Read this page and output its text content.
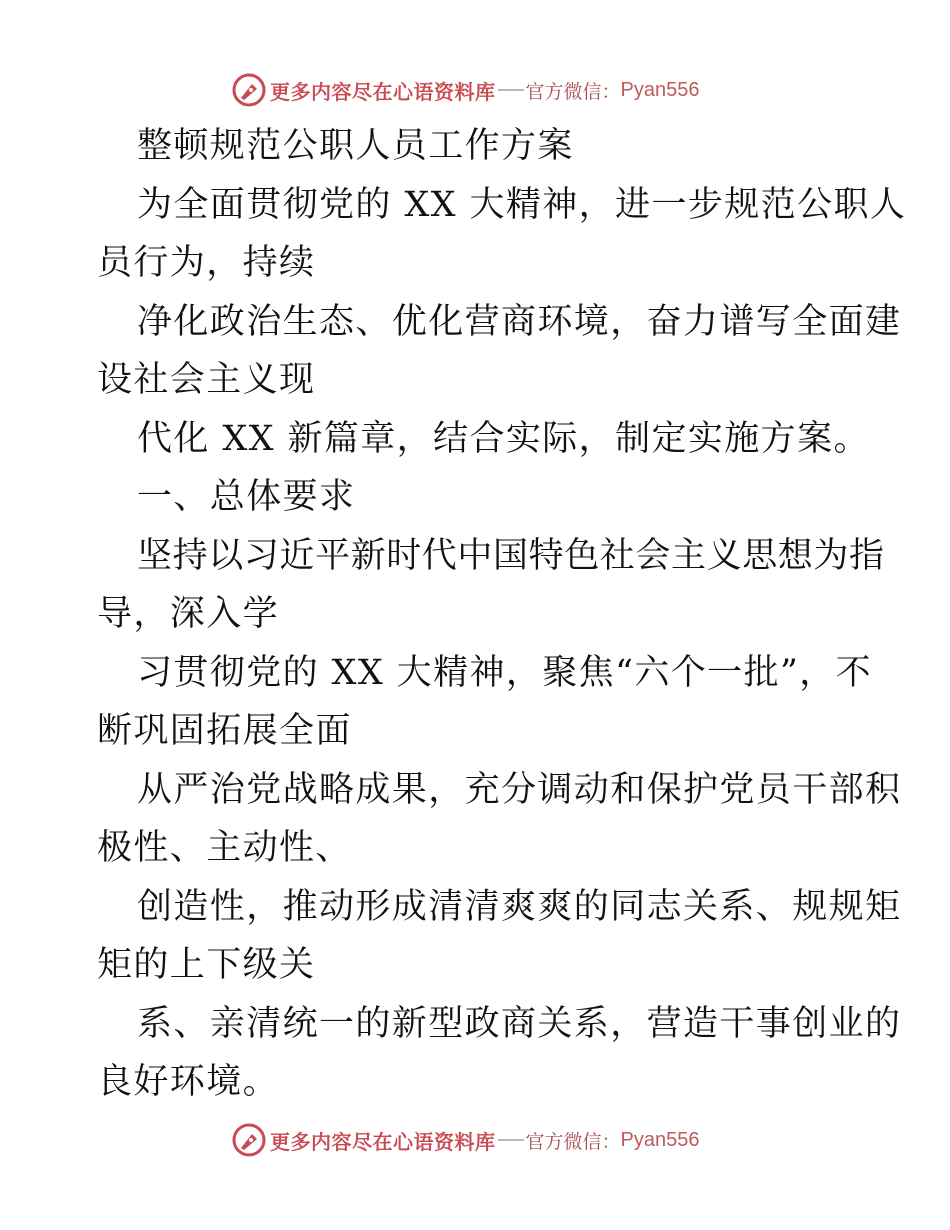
更多内容尽在心语资料库 官方微信： Pyan556
整顿规范公职人员工作方案
为全面贯彻党的 XX 大精神，进一步规范公职人
员行为，持续
净化政治生态、优化营商环境，奋力谱写全面建
设社会主义现
代化 XX 新篇章，结合实际，制定实施方案。
一、总体要求
坚持以习近平新时代中国特色社会主义思想为指
导，深入学
习贯彻党的 XX 大精神，聚焦“六个一批”，不
断巩固拓展全面
从严治党战略成果，充分调动和保护党员干部积
极性、主动性、
创造性，推动形成清清爽爽的同志关系、规规矩
矩的上下级关
系、亲清统一的新型政商关系，营造干事创业的
良好环境。
更多内容尽在心语资料库 官方微信： Pyan556
